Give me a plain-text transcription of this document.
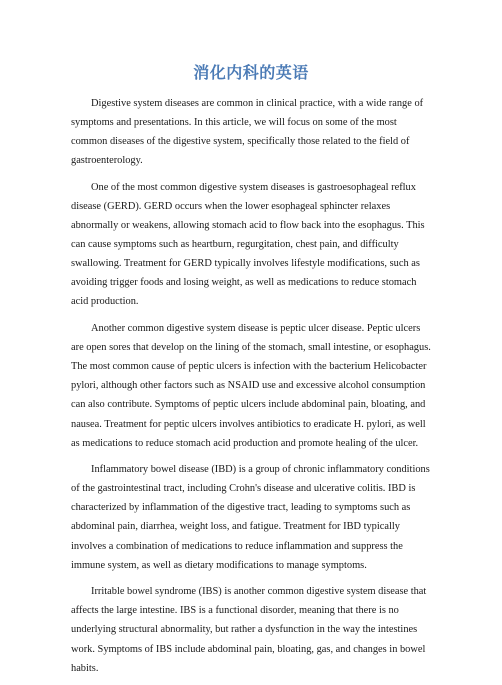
消化内科的英语

Digestive system diseases are common in clinical practice, with a wide range of symptoms and presentations. In this article, we will focus on some of the most common diseases of the digestive system, specifically those related to the field of gastroenterology.

One of the most common digestive system diseases is gastroesophageal reflux disease (GERD). GERD occurs when the lower esophageal sphincter relaxes abnormally or weakens, allowing stomach acid to flow back into the esophagus. This can cause symptoms such as heartburn, regurgitation, chest pain, and difficulty swallowing. Treatment for GERD typically involves lifestyle modifications, such as avoiding trigger foods and losing weight, as well as medications to reduce stomach acid production.

Another common digestive system disease is peptic ulcer disease. Peptic ulcers are open sores that develop on the lining of the stomach, small intestine, or esophagus. The most common cause of peptic ulcers is infection with the bacterium Helicobacter pylori, although other factors such as NSAID use and excessive alcohol consumption can also contribute. Symptoms of peptic ulcers include abdominal pain, bloating, and nausea. Treatment for peptic ulcers involves antibiotics to eradicate H. pylori, as well as medications to reduce stomach acid production and promote healing of the ulcer.

Inflammatory bowel disease (IBD) is a group of chronic inflammatory conditions of the gastrointestinal tract, including Crohn's disease and ulcerative colitis. IBD is characterized by inflammation of the digestive tract, leading to symptoms such as abdominal pain, diarrhea, weight loss, and fatigue. Treatment for IBD typically involves a combination of medications to reduce inflammation and suppress the immune system, as well as dietary modifications to manage symptoms.

Irritable bowel syndrome (IBS) is another common digestive system disease that affects the large intestine. IBS is a functional disorder, meaning that there is no underlying structural abnormality, but rather a dysfunction in the way the intestines work. Symptoms of IBS include abdominal pain, bloating, gas, and changes in bowel habits.
